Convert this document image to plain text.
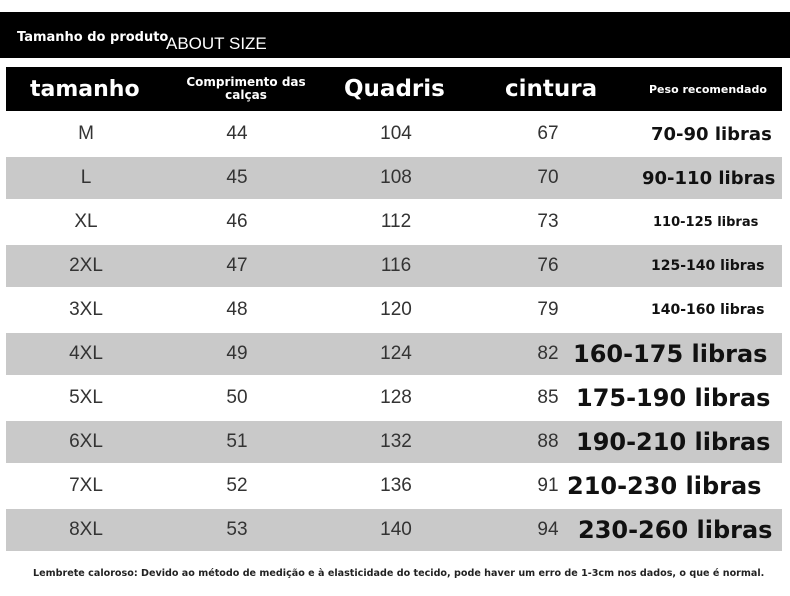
Tamanho do produto
ABOUT SIZE
tamanho	Comprimento das calças	Quadris	cintura	Peso recomendado
M	44	104	67	70-90 libras
L	45	108	70	90-110 libras
XL	46	112	73	110-125 libras
2XL	47	116	76	125-140 libras
3XL	48	120	79	140-160 libras
4XL	49	124	82 160-175 libras
5XL	50	128	85 175-190 libras
6XL	51	132	88 190-210 libras
7XL	52	136	91 210-230 libras
8XL	53	140	94 230-260 libras
Lembrete caloroso: Devido ao método de medição e à elasticidade do tecido, pode haver um erro de 1-3cm nos dados, o que é normal.
